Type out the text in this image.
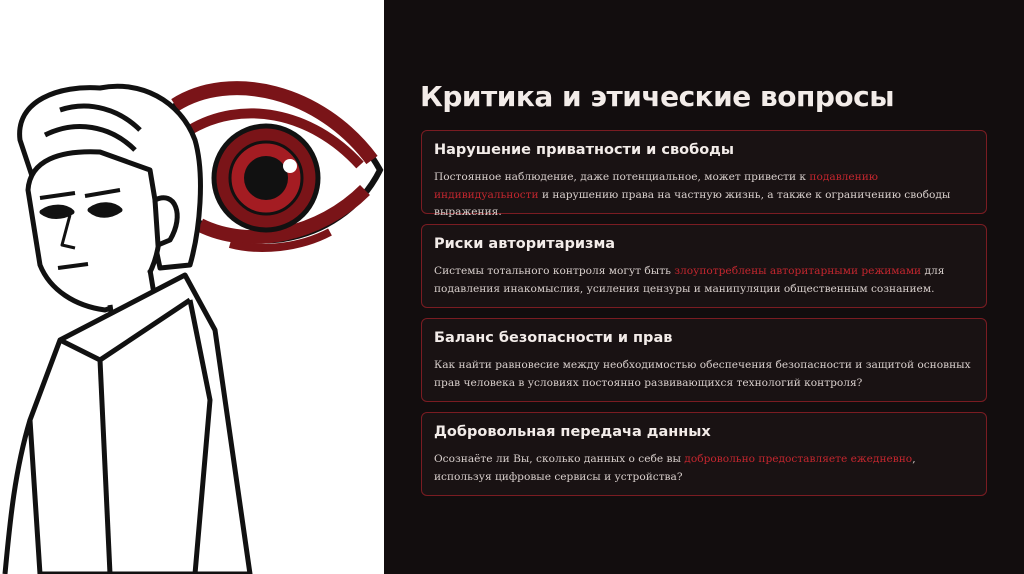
Критика и этические вопросы
Нарушение приватности и свободы

Постоянное наблюдение, даже потенциальное, может привести к подавлению индивидуальности и нарушению права на частную жизнь, а также к ограничению свободы выражения.

Риски авторитаризма

Системы тотального контроля могут быть злоупотреблены авторитарными режимами для подавления инакомыслия, усиления цензуры и манипуляции общественным сознанием.

Баланс безопасности и прав

Как найти равновесие между необходимостью обеспечения безопасности и защитой основных прав человека в условиях постоянно развивающихся технологий контроля?

Добровольная передача данных

Осознаёте ли Вы, сколько данных о себе вы добровольно предоставляете ежедневно, используя цифровые сервисы и устройства?
